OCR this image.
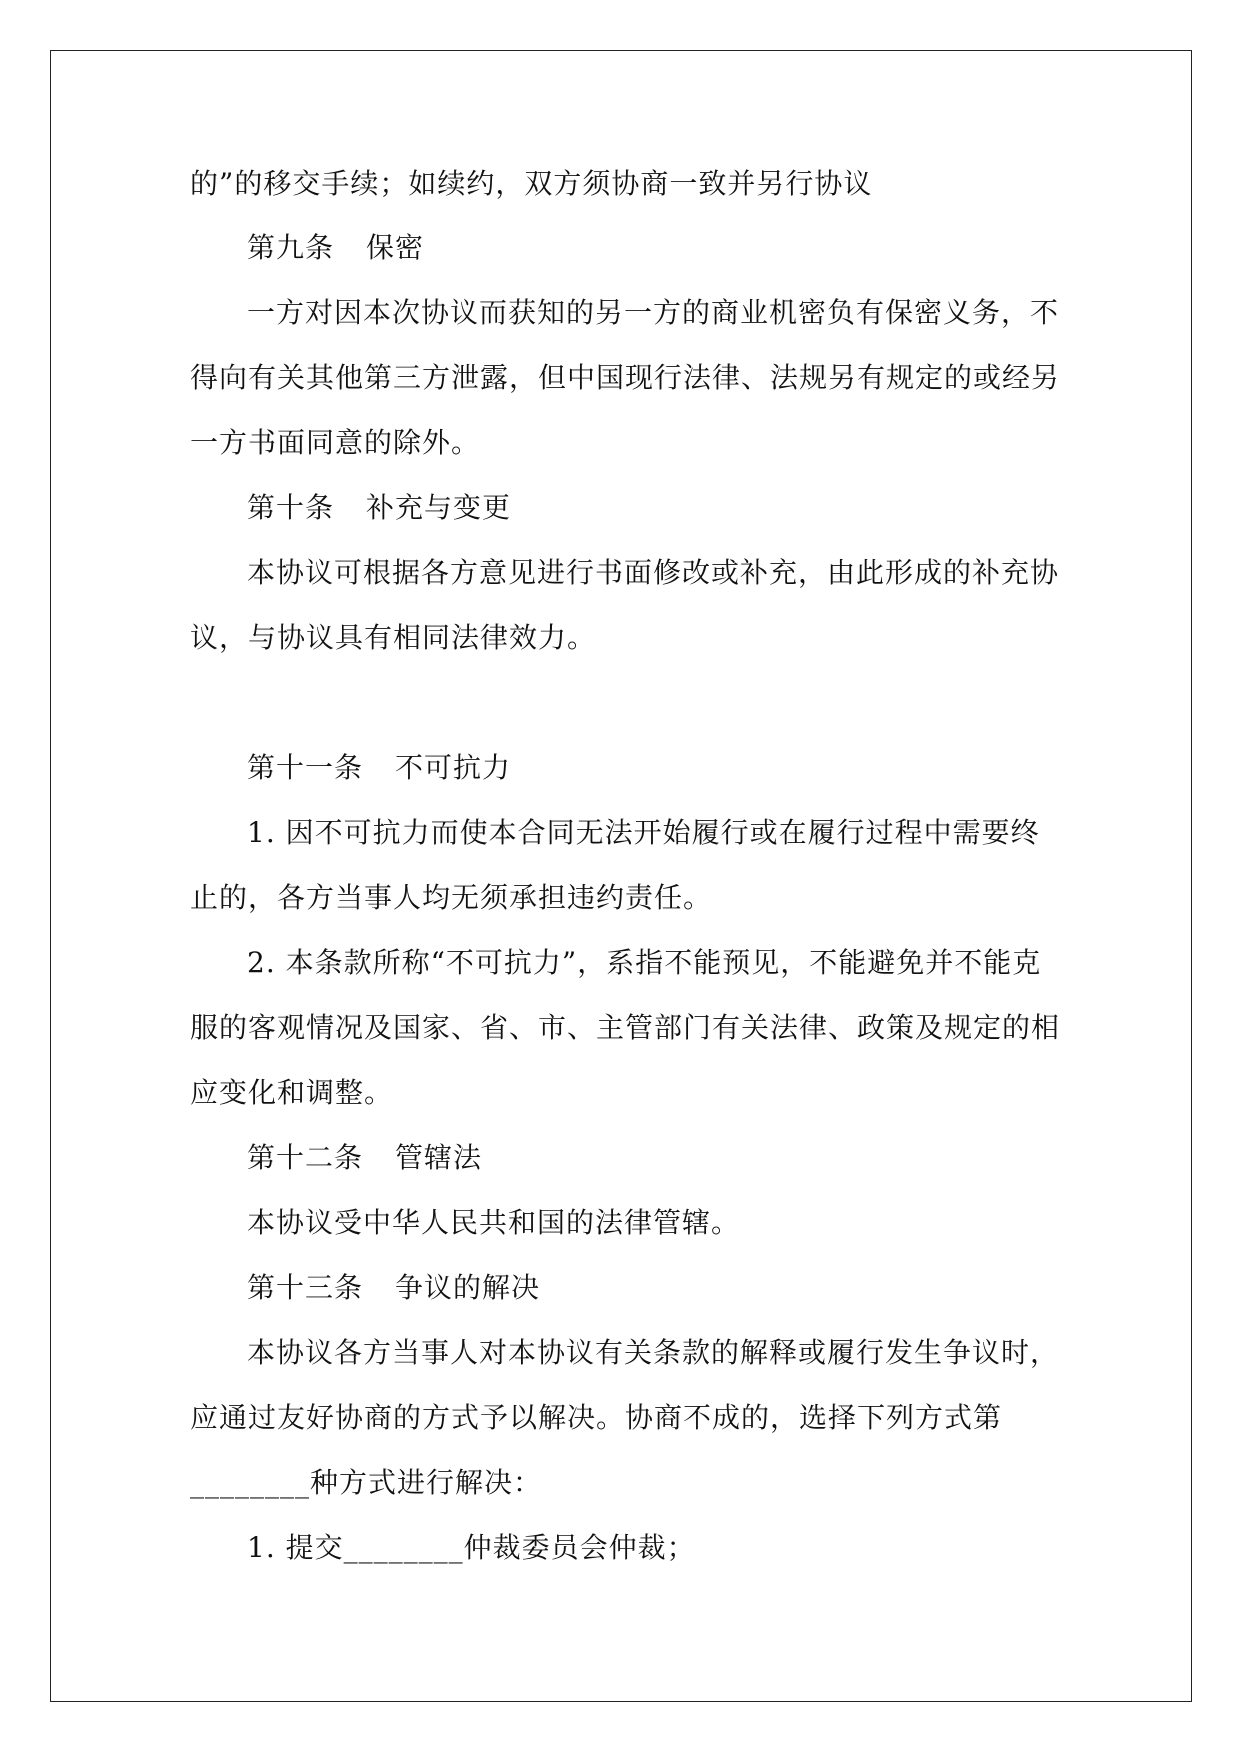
的”的移交手续；如续约，双方须协商一致并另行协议
第九条 保密
一方对因本次协议而获知的另一方的商业机密负有保密义务，不
得向有关其他第三方泄露，但中国现行法律、法规另有规定的或经另
一方书面同意的除外。
第十条 补充与变更
本协议可根据各方意见进行书面修改或补充，由此形成的补充协
议，与协议具有相同法律效力。
第十一条 不可抗力
1. 因不可抗力而使本合同无法开始履行或在履行过程中需要终
止的，各方当事人均无须承担违约责任。
2. 本条款所称“不可抗力”，系指不能预见，不能避免并不能克
服的客观情况及国家、省、市、主管部门有关法律、政策及规定的相
应变化和调整。
第十二条 管辖法
本协议受中华人民共和国的法律管辖。
第十三条 争议的解决
本协议各方当事人对本协议有关条款的解释或履行发生争议时，
应通过友好协商的方式予以解决。协商不成的，选择下列方式第
________种方式进行解决：
1. 提交________仲裁委员会仲裁；
